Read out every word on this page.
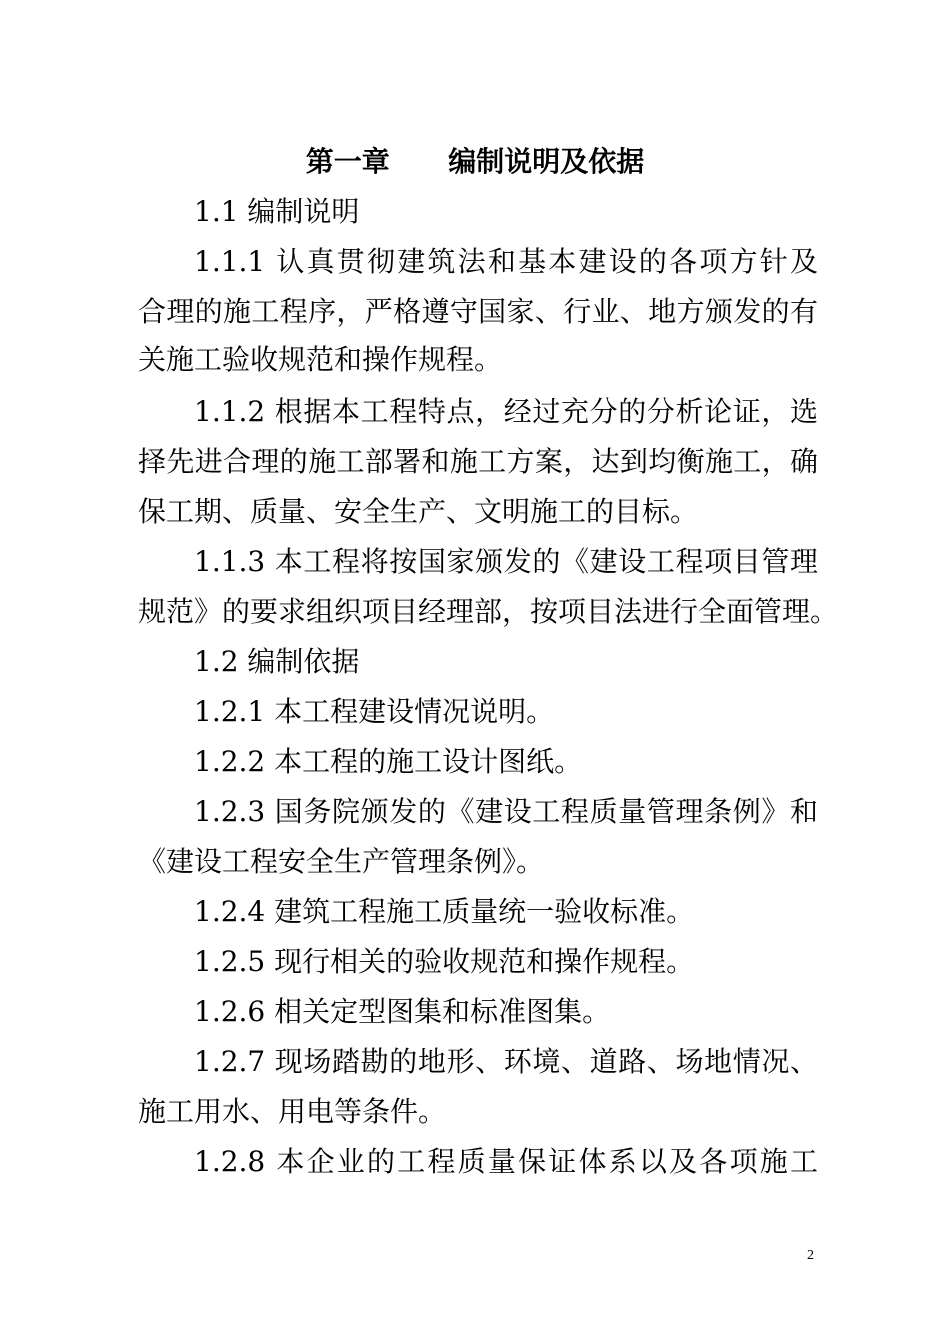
第一章      编制说明及依据
1.1 编制说明
1.1.1 认真贯彻建筑法和基本建设的各项方针及
合理的施工程序，严格遵守国家、行业、地方颁发的有
关施工验收规范和操作规程。
1.1.2 根据本工程特点，经过充分的分析论证，选
择先进合理的施工部署和施工方案，达到均衡施工，确
保工期、质量、安全生产、文明施工的目标。
1.1.3 本工程将按国家颁发的《建设工程项目管理
规范》的要求组织项目经理部，按项目法进行全面管理。
1.2 编制依据
1.2.1 本工程建设情况说明。
1.2.2 本工程的施工设计图纸。
1.2.3 国务院颁发的《建设工程质量管理条例》和
《建设工程安全生产管理条例》。
1.2.4 建筑工程施工质量统一验收标准。
1.2.5 现行相关的验收规范和操作规程。
1.2.6 相关定型图集和标准图集。
1.2.7 现场踏勘的地形、环境、道路、场地情况、
施工用水、用电等条件。
1.2.8 本企业的工程质量保证体系以及各项施工
2
